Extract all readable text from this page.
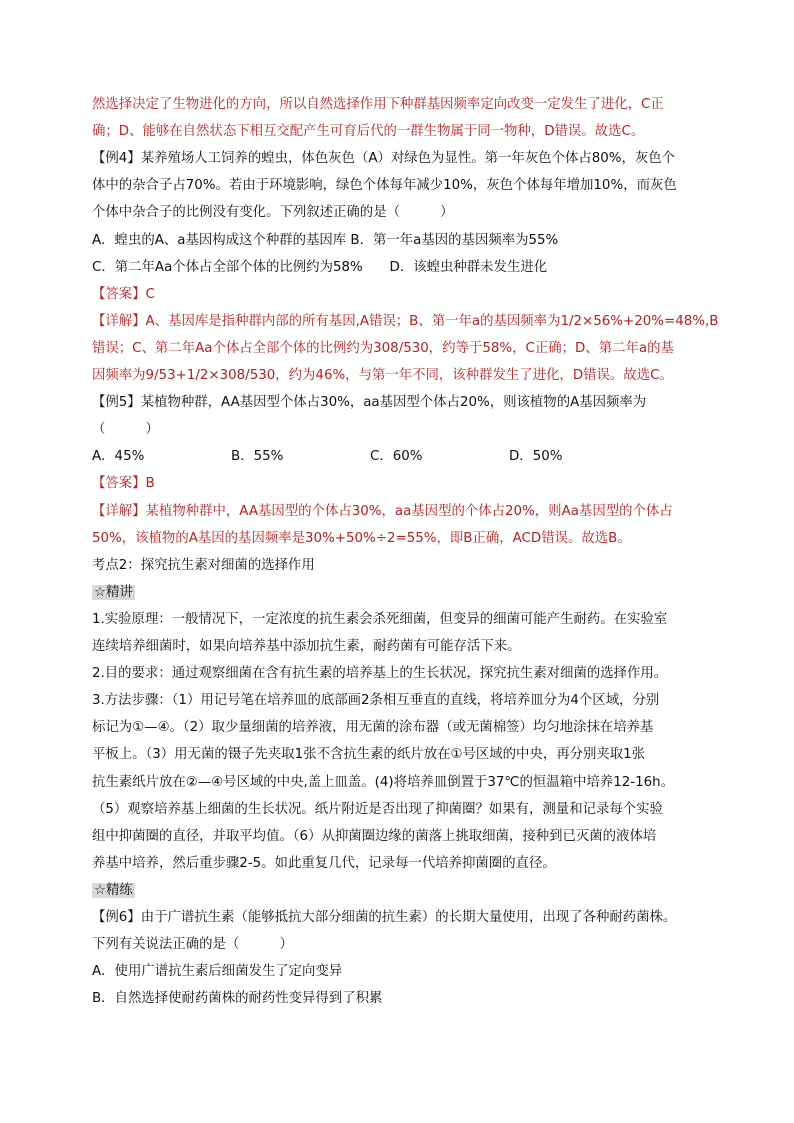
然选择决定了生物进化的方向，所以自然选择作用下种群基因频率定向改变一定发生了进化，C正
确；D、能够在自然状态下相互交配产生可育后代的一群生物属于同一物种，D错误。故选C。
【例4】某养殖场人工饲养的蝗虫，体色灰色（A）对绿色为显性。第一年灰色个体占80%，灰色个
体中的杂合子占70%。若由于环境影响，绿色个体每年减少10%，灰色个体每年增加10%，而灰色
个体中杂合子的比例没有变化。下列叙述正确的是（　　　）
A．蝗虫的A、a基因构成这个种群的基因库 B．第一年a基因的基因频率为55%
C．第二年Aa个体占全部个体的比例约为58%　　D．该蝗虫种群未发生进化
【答案】C
【详解】A、基因库是指种群内部的所有基因,A错误；B、第一年a的基因频率为1/2×56%+20%=48%,B
错误；C、第二年Aa个体占全部个体的比例约为308/530，约等于58%，C正确；D、第二年a的基
因频率为9/53+1/2×308/530，约为46%，与第一年不同，该种群发生了进化，D错误。故选C。
【例5】某植物种群，AA基因型个体占30%，aa基因型个体占20%，则该植物的A基因频率为
（　　　）
【答案】B
【详解】某植物种群中，AA基因型的个体占30%，aa基因型的个体占20%，则Aa基因型的个体占
50%，该植物的A基因的基因频率是30%+50%÷2=55%，即B正确，ACD错误。故选B。
考点2：探究抗生素对细菌的选择作用
☆精讲
1.实验原理：一般情况下，一定浓度的抗生素会杀死细菌，但变异的细菌可能产生耐药。在实验室
连续培养细菌时，如果向培养基中添加抗生素，耐药菌有可能存活下来。
2.目的要求：通过观察细菌在含有抗生素的培养基上的生长状况，探究抗生素对细菌的选择作用。
3.方法步骤：（1）用记号笔在培养皿的底部画2条相互垂直的直线，将培养皿分为4个区域，分别
标记为①—④。（2）取少量细菌的培养液，用无菌的涂布器（或无菌棉签）均匀地涂抹在培养基
平板上。（3）用无菌的镊子先夹取1张不含抗生素的纸片放在①号区域的中央，再分别夹取1张
抗生素纸片放在②—④号区域的中央,盖上皿盖。(4)将培养皿倒置于37℃的恒温箱中培养12-16h。
（5）观察培养基上细菌的生长状况。纸片附近是否出现了抑菌圈？如果有，测量和记录每个实验
组中抑菌圈的直径，并取平均值。（6）从抑菌圈边缘的菌落上挑取细菌，接种到已灭菌的液体培
养基中培养，然后重步骤2-5。如此重复几代，记录每一代培养抑菌圈的直径。
☆精练
【例6】由于广谱抗生素（能够抵抗大部分细菌的抗生素）的长期大量使用，出现了各种耐药菌株。
下列有关说法正确的是（　　　）
A．使用广谱抗生素后细菌发生了定向变异
B．自然选择使耐药菌株的耐药性变异得到了积累
A．45%	B．55%	C．60%	D．50%
